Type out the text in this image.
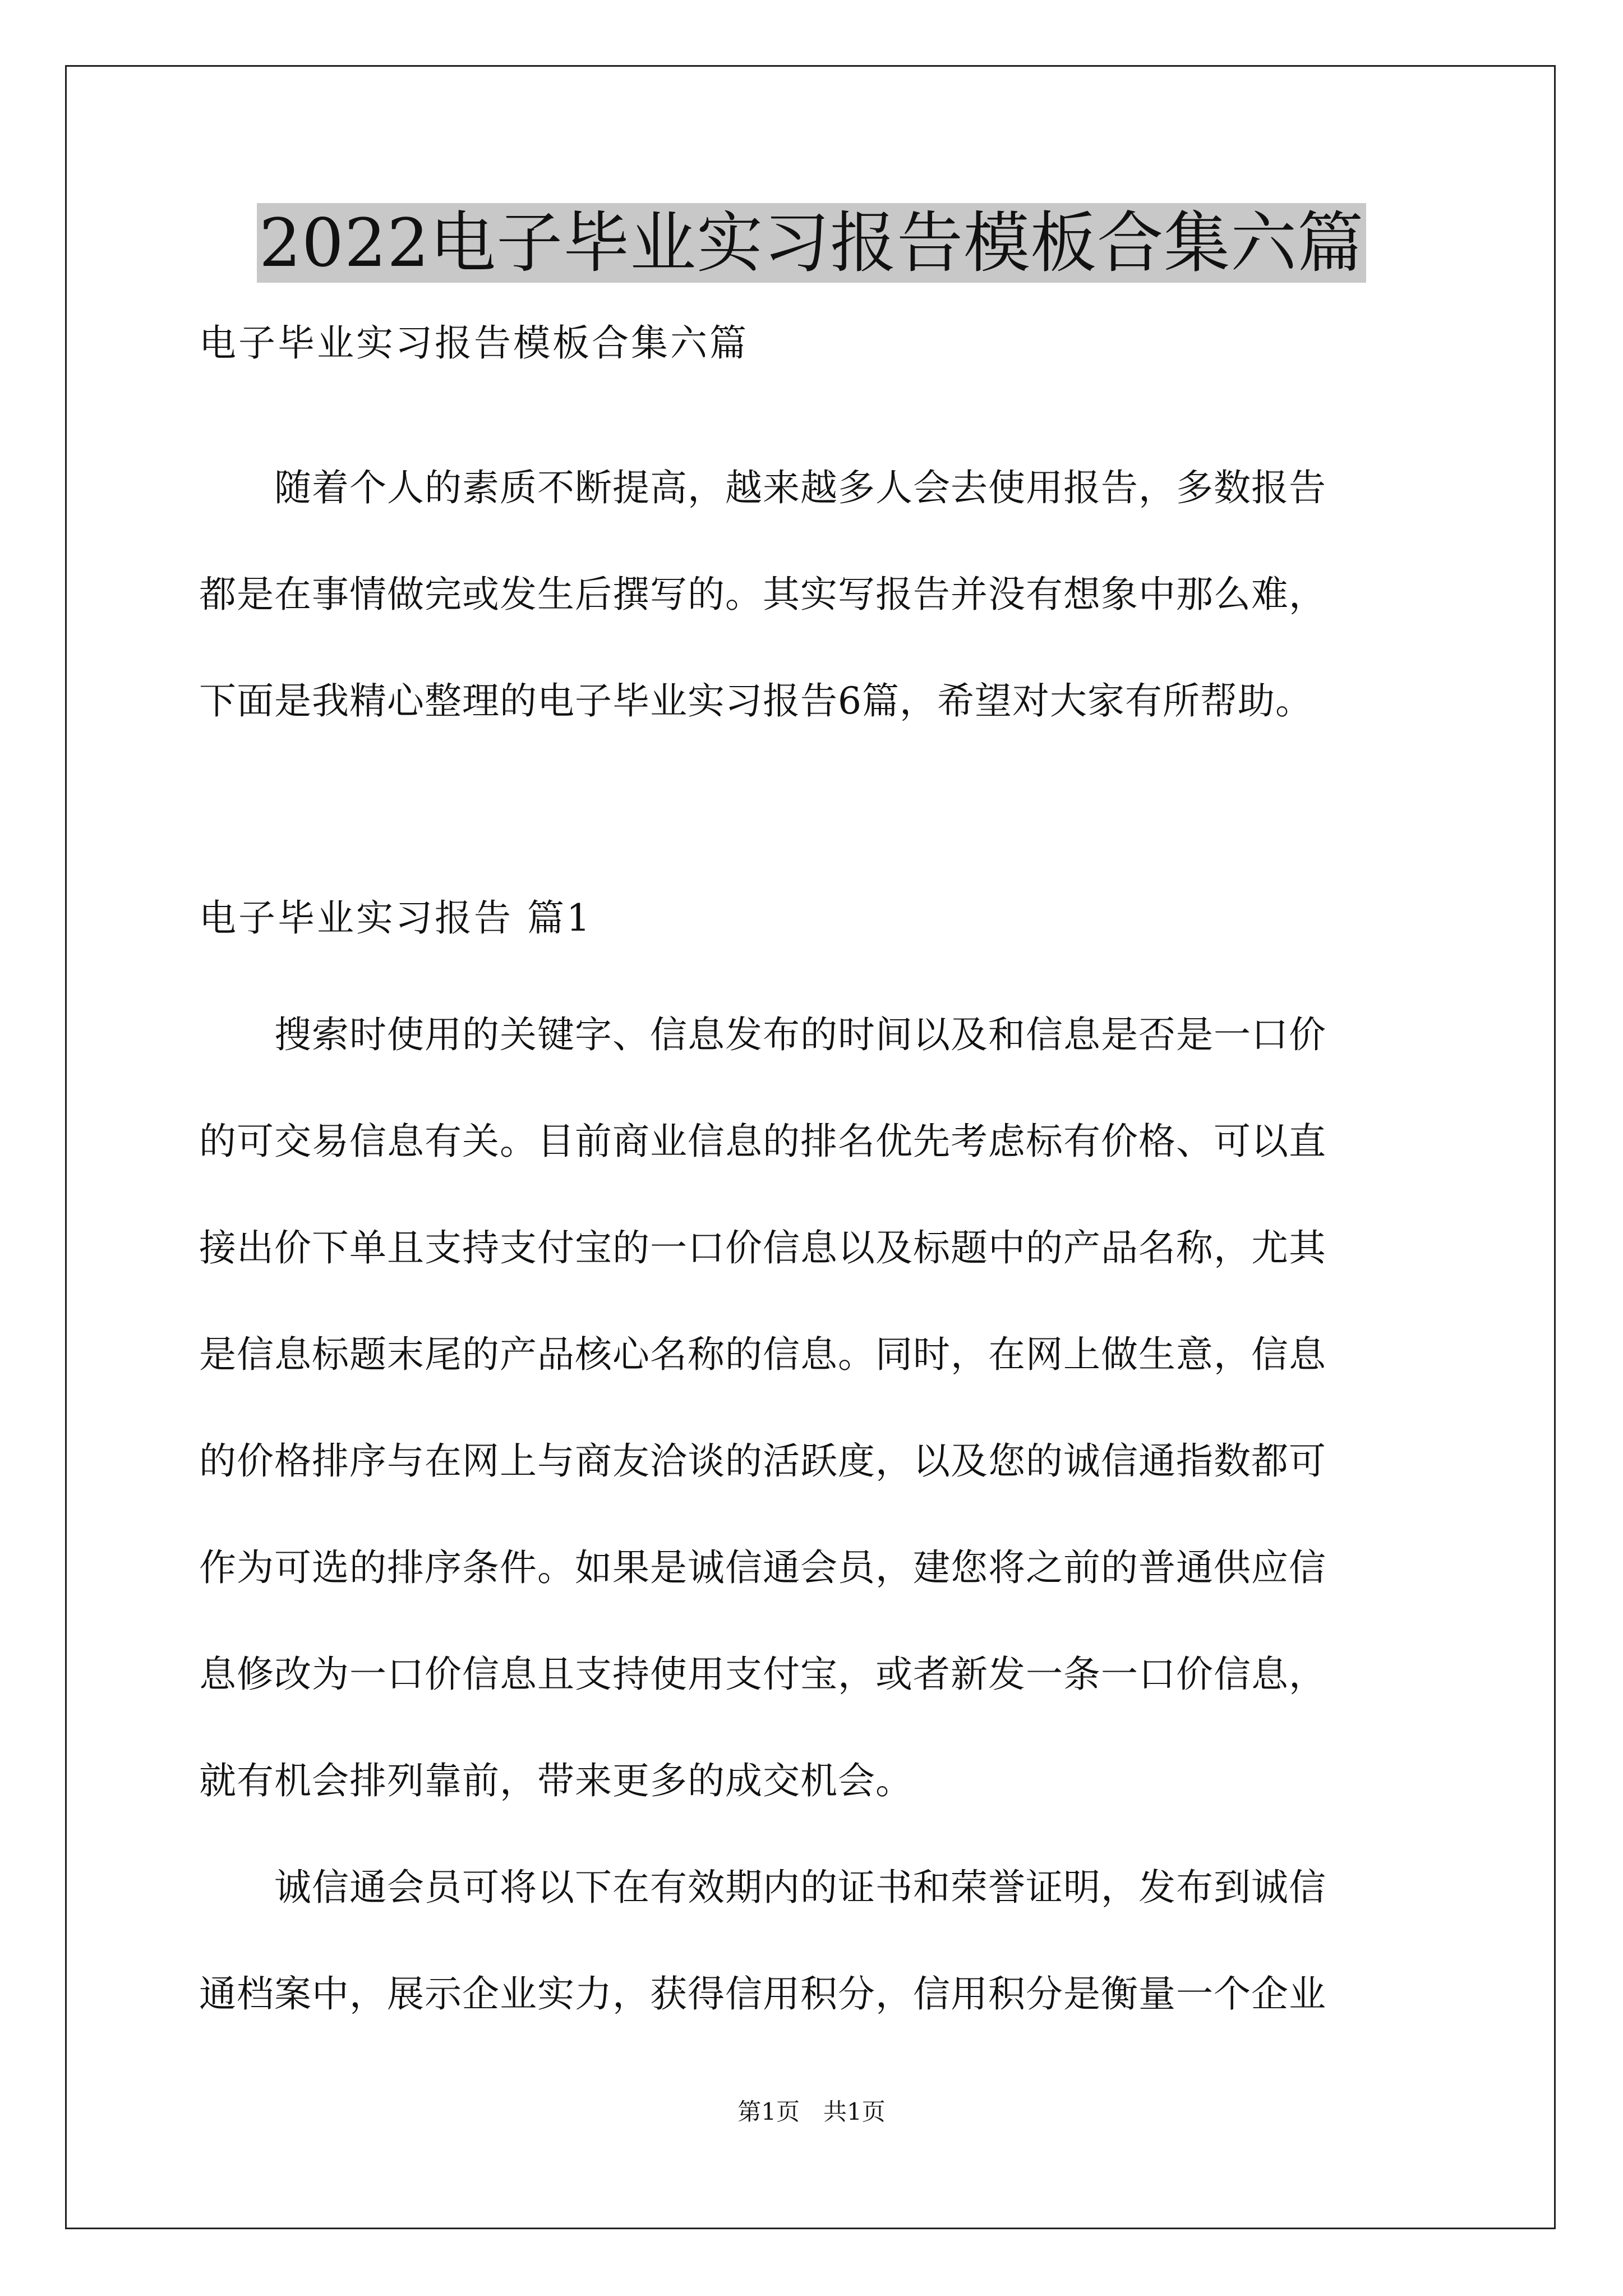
2022电子毕业实习报告模板合集六篇
电子毕业实习报告模板合集六篇
　　随着个人的素质不断提高，越来越多人会去使用报告，多数报告
都是在事情做完或发生后撰写的。其实写报告并没有想象中那么难，
下面是我精心整理的电子毕业实习报告6篇，希望对大家有所帮助。
电子毕业实习报告 篇1
　　搜索时使用的关键字、信息发布的时间以及和信息是否是一口价
的可交易信息有关。目前商业信息的排名优先考虑标有价格、可以直
接出价下单且支持支付宝的一口价信息以及标题中的产品名称，尤其
是信息标题末尾的产品核心名称的信息。同时，在网上做生意，信息
的价格排序与在网上与商友洽谈的活跃度，以及您的诚信通指数都可
作为可选的排序条件。如果是诚信通会员，建您将之前的普通供应信
息修改为一口价信息且支持使用支付宝，或者新发一条一口价信息，
就有机会排列靠前，带来更多的成交机会。
　　诚信通会员可将以下在有效期内的证书和荣誉证明，发布到诚信
通档案中，展示企业实力，获得信用积分，信用积分是衡量一个企业
第1页　共1页
